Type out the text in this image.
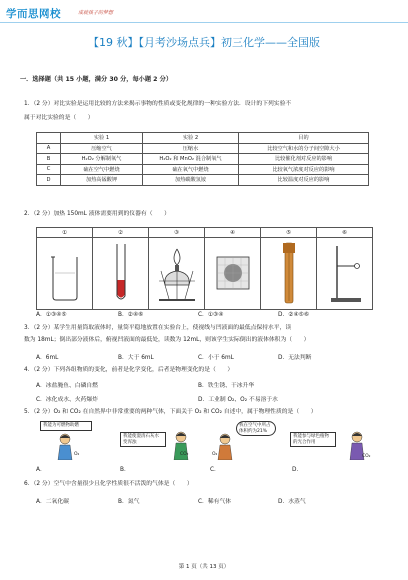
学而思网校	成就孩子的梦想
【19 秋】【月考沙场点兵】初三化学——全国版
一．选择题（共 15 小题，满分 30 分，每小题 2 分）
1．（2 分）对比实验是运用比较的方法来揭示事物的性质或变化规律的一种实验方法．设计的下列实验不
属于对比实验的是（　　）
	实验 1	实验 2	目的
A	压缩空气	压缩水	比较空气和水的分子间空隙大小
B	H₂O₂ 分解制氧气	H₂O₂ 和 MnO₂ 混合制氧气	比较催化剂对反应的影响
C	硫在空气中燃烧	硫在氧气中燃烧	比较氧气浓度对反应的影响
D	加热高锰酸钾	加热碳酸氢铵	比较温度对反应的影响
2．（2 分）加热 150mL 液体需要用到的仪器有（　　）
①	②	③	④	⑤	⑥

A．①③④⑤	B．②④⑥	C．①③④	D．②④⑤⑥
3．（2 分）某学生用量筒取液体时，量筒平稳地放置在实验台上，使视线与凹液面的最低点保持水平，读
数为 18mL；倒出部分液体后，俯视凹液面的最低处，读数为 12mL，则该学生实际倒出的液体体积为（　　）
A．6mL	B．大于 6mL	C．小于 6mL	D．无法判断
4．（2 分）下列各组物质的变化，前者是化学变化，后者是物理变化的是（　　）
A．冰盐腌鱼、白磷自燃	B．铁生锈、干冰升华
C．冰化成水、火药爆炸	D．工业制 O₂、O₂ 不易溶于水
5．（2 分）O₂ 和 CO₂ 在自然界中非常重要的两种气体，下面关于 O₂ 和 CO₂ 自述中，属于物理性质的是（　　）
我能为可燃物助燃
O₂
我能使澄清石灰水变浑浊
CO₂
我在空气中所占体积约为21%
O₂
我能参与绿色植物的光合作用
CO₂
A．	B．	C．	D．
6．（2 分）空气中含量很少且化学性质很不活泼的气体是（　　）
A．二氧化碳	B．氮气	C．稀有气体	D．水蒸气
第 1 页（共 13 页）
